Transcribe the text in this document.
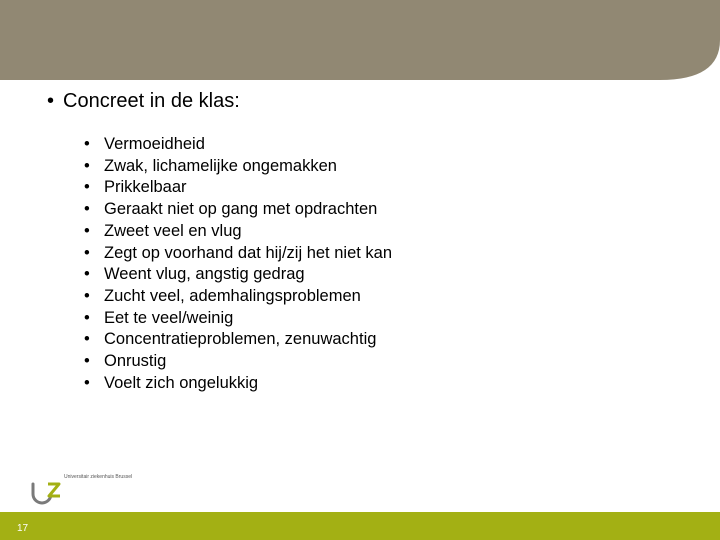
• Concreet in de klas:
• Vermoeidheid
• Zwak, lichamelijke ongemakken
• Prikkelbaar
• Geraakt niet op gang met opdrachten
• Zweet veel en vlug
• Zegt op voorhand dat hij/zij het niet kan
• Weent vlug, angstig gedrag
• Zucht veel, ademhalingsproblemen
• Eet te veel/weinig
• Concentratieproblemen, zenuwachtig
• Onrustig
• Voelt zich ongelukkig
Universitair ziekenhuis Brussel
17
